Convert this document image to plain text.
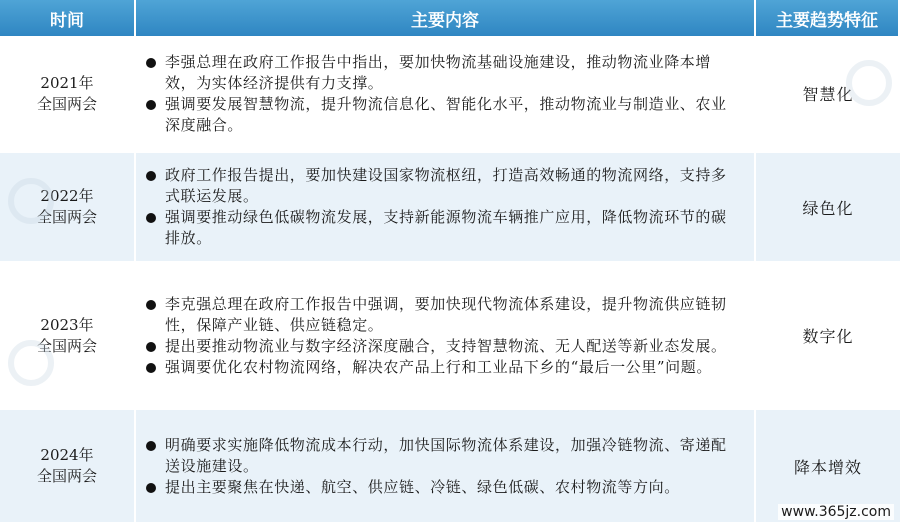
时间	主要内容	主要趋势特征
2021年
全国两会
李强总理在政府工作报告中指出，要加快物流基础设施建设，推动物流业降本增效，为实体经济提供有力支撑。
强调要发展智慧物流，提升物流信息化、智能化水平，推动物流业与制造业、农业深度融合。
智慧化
2022年
全国两会
政府工作报告提出，要加快建设国家物流枢纽，打造高效畅通的物流网络，支持多式联运发展。
强调要推动绿色低碳物流发展，支持新能源物流车辆推广应用，降低物流环节的碳排放。
绿色化
2023年
全国两会
李克强总理在政府工作报告中强调，要加快现代物流体系建设，提升物流供应链韧性，保障产业链、供应链稳定。
提出要推动物流业与数字经济深度融合，支持智慧物流、无人配送等新业态发展。
强调要优化农村物流网络，解决农产品上行和工业品下乡的“最后一公里”问题。
数字化
2024年
全国两会
明确要求实施降低物流成本行动，加快国际物流体系建设，加强冷链物流、寄递配送设施建设。
提出主要聚焦在快递、航空、供应链、冷链、绿色低碳、农村物流等方向。
降本增效
www.365jz.com
